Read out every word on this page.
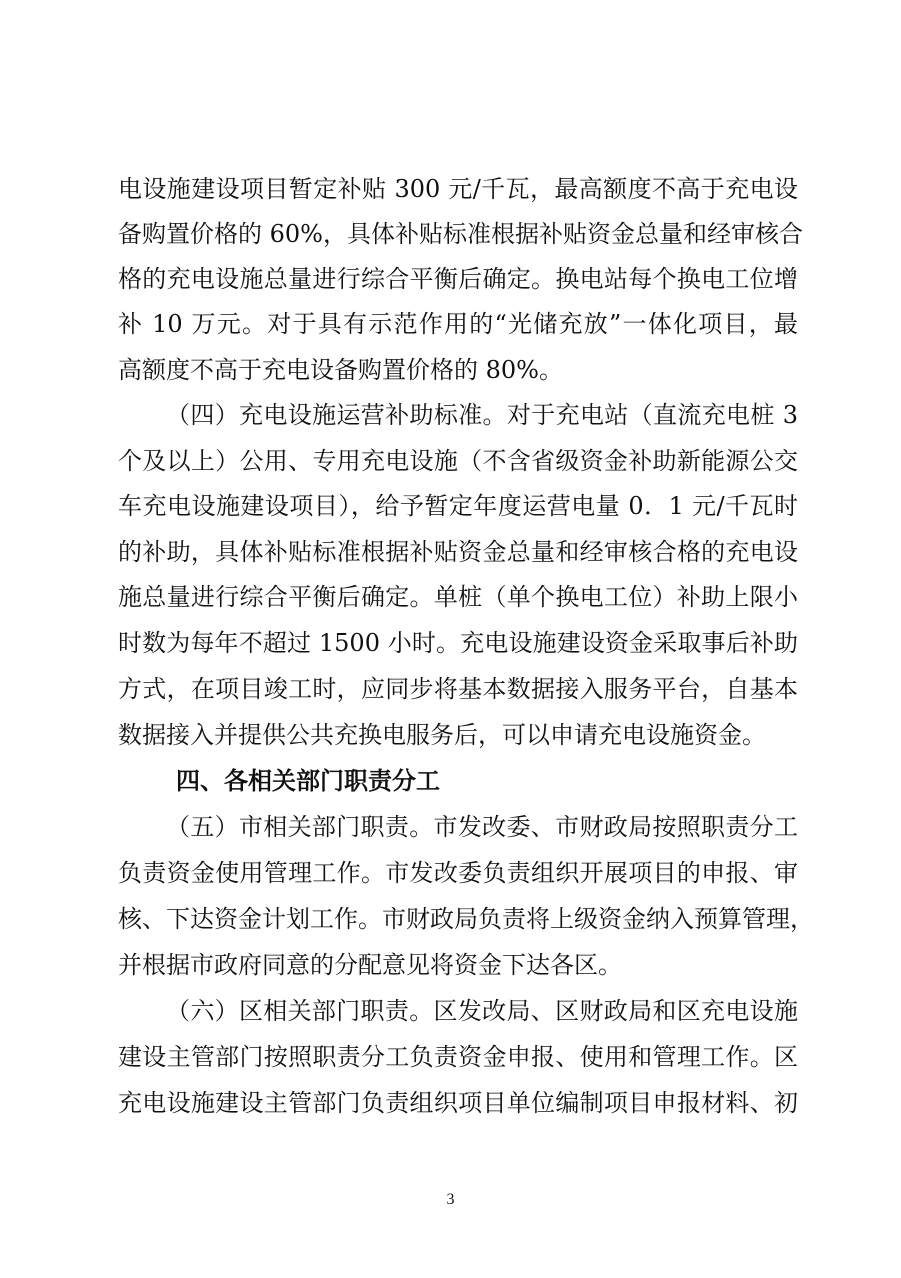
电设施建设项目暂定补贴 300 元/千瓦，最高额度不高于充电设
备购置价格的 60%，具体补贴标准根据补贴资金总量和经审核合
格的充电设施总量进行综合平衡后确定。换电站每个换电工位增
补 10 万元。对于具有示范作用的“光储充放”一体化项目，最
高额度不高于充电设备购置价格的 80%。
（四）充电设施运营补助标准。对于充电站（直流充电桩 3
个及以上）公用、专用充电设施（不含省级资金补助新能源公交
车充电设施建设项目），给予暂定年度运营电量 0．1 元/千瓦时
的补助，具体补贴标准根据补贴资金总量和经审核合格的充电设
施总量进行综合平衡后确定。单桩（单个换电工位）补助上限小
时数为每年不超过 1500 小时。充电设施建设资金采取事后补助
方式，在项目竣工时，应同步将基本数据接入服务平台，自基本
数据接入并提供公共充换电服务后，可以申请充电设施资金。
四、各相关部门职责分工
（五）市相关部门职责。市发改委、市财政局按照职责分工
负责资金使用管理工作。市发改委负责组织开展项目的申报、审
核、下达资金计划工作。市财政局负责将上级资金纳入预算管理，
并根据市政府同意的分配意见将资金下达各区。
（六）区相关部门职责。区发改局、区财政局和区充电设施
建设主管部门按照职责分工负责资金申报、使用和管理工作。区
充电设施建设主管部门负责组织项目单位编制项目申报材料、初
3
